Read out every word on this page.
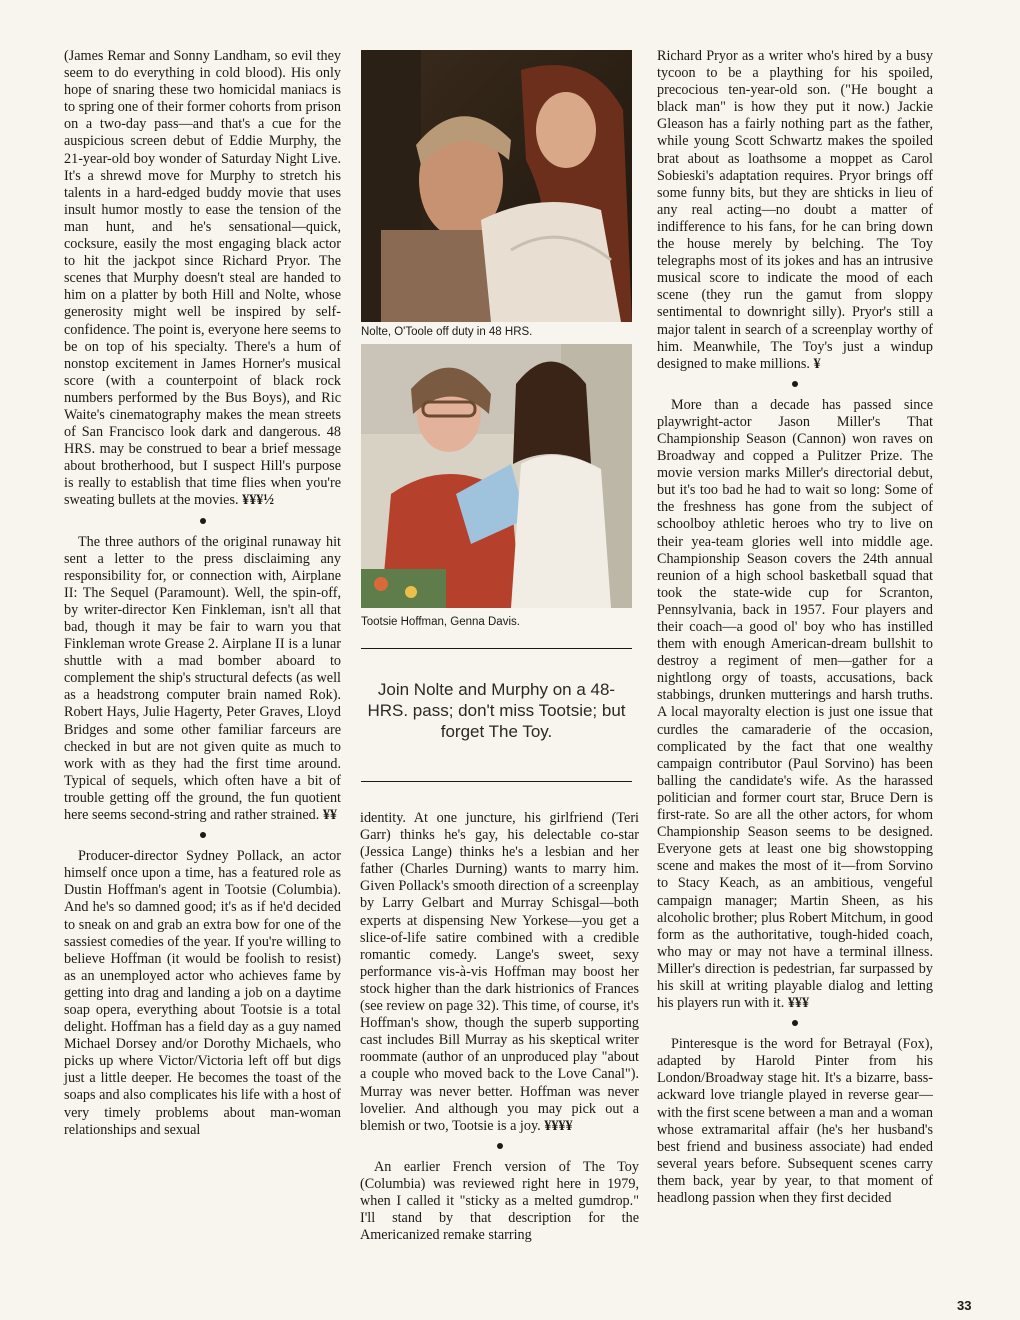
(James Remar and Sonny Landham, so evil they seem to do everything in cold blood). His only hope of snaring these two homicidal maniacs is to spring one of their former cohorts from prison on a two-day pass—and that's a cue for the auspicious screen debut of Eddie Murphy, the 21-year-old boy wonder of Saturday Night Live. It's a shrewd move for Murphy to stretch his talents in a hard-edged buddy movie that uses insult humor mostly to ease the tension of the man hunt, and he's sensational—quick, cocksure, easily the most engaging black actor to hit the jackpot since Richard Pryor. The scenes that Murphy doesn't steal are handed to him on a platter by both Hill and Nolte, whose generosity might well be inspired by self-confidence. The point is, everyone here seems to be on top of his specialty. There's a hum of nonstop excitement in James Horner's musical score (with a counterpoint of black rock numbers performed by the Bus Boys), and Ric Waite's cinematography makes the mean streets of San Francisco look dark and dangerous. 48 HRS. may be construed to bear a brief message about brotherhood, but I suspect Hill's purpose is really to establish that time flies when you're sweating bullets at the movies. ¥¥¥½

The three authors of the original runaway hit sent a letter to the press disclaiming any responsibility for, or connection with, Airplane II: The Sequel (Paramount). Well, the spin-off, by writer-director Ken Finkleman, isn't all that bad, though it may be fair to warn you that Finkleman wrote Grease 2. Airplane II is a lunar shuttle with a mad bomber aboard to complement the ship's structural defects (as well as a headstrong computer brain named Rok). Robert Hays, Julie Hagerty, Peter Graves, Lloyd Bridges and some other familiar farceurs are checked in but are not given quite as much to work with as they had the first time around. Typical of sequels, which often have a bit of trouble getting off the ground, the fun quotient here seems second-string and rather strained. ¥¥

Producer-director Sydney Pollack, an actor himself once upon a time, has a featured role as Dustin Hoffman's agent in Tootsie (Columbia). And he's so damned good; it's as if he'd decided to sneak on and grab an extra bow for one of the sassiest comedies of the year. If you're willing to believe Hoffman (it would be foolish to resist) as an unemployed actor who achieves fame by getting into drag and landing a job on a daytime soap opera, everything about Tootsie is a total delight. Hoffman has a field day as a guy named Michael Dorsey and/or Dorothy Michaels, who picks up where Victor/Victoria left off but digs just a little deeper. He becomes the toast of the soaps and also complicates his life with a host of very timely problems about man-woman relationships and sexual

Nolte, O'Toole off duty in 48 HRS.
Tootsie Hoffman, Genna Davis.
Join Nolte and Murphy on a 48-HRS. pass; don't miss Tootsie; but forget The Toy.

identity. At one juncture, his girlfriend (Teri Garr) thinks he's gay, his delectable co-star (Jessica Lange) thinks he's a lesbian and her father (Charles Durning) wants to marry him. Given Pollack's smooth direction of a screenplay by Larry Gelbart and Murray Schisgal—both experts at dispensing New Yorkese—you get a slice-of-life satire combined with a credible romantic comedy. Lange's sweet, sexy performance vis-à-vis Hoffman may boost her stock higher than the dark histrionics of Frances (see review on page 32). This time, of course, it's Hoffman's show, though the superb supporting cast includes Bill Murray as his skeptical writer roommate (author of an unproduced play "about a couple who moved back to the Love Canal"). Murray was never better. Hoffman was never lovelier. And although you may pick out a blemish or two, Tootsie is a joy. ¥¥¥¥

An earlier French version of The Toy (Columbia) was reviewed right here in 1979, when I called it "sticky as a melted gumdrop." I'll stand by that description for the Americanized remake starring

Richard Pryor as a writer who's hired by a busy tycoon to be a plaything for his spoiled, precocious ten-year-old son. ("He bought a black man" is how they put it now.) Jackie Gleason has a fairly nothing part as the father, while young Scott Schwartz makes the spoiled brat about as loathsome a moppet as Carol Sobieski's adaptation requires. Pryor brings off some funny bits, but they are shticks in lieu of any real acting—no doubt a matter of indifference to his fans, for he can bring down the house merely by belching. The Toy telegraphs most of its jokes and has an intrusive musical score to indicate the mood of each scene (they run the gamut from sloppy sentimental to downright silly). Pryor's still a major talent in search of a screenplay worthy of him. Meanwhile, The Toy's just a windup designed to make millions. ¥

More than a decade has passed since playwright-actor Jason Miller's That Championship Season (Cannon) won raves on Broadway and copped a Pulitzer Prize. The movie version marks Miller's directorial debut, but it's too bad he had to wait so long: Some of the freshness has gone from the subject of schoolboy athletic heroes who try to live on their yea-team glories well into middle age. Championship Season covers the 24th annual reunion of a high school basketball squad that took the state-wide cup for Scranton, Pennsylvania, back in 1957. Four players and their coach—a good ol' boy who has instilled them with enough American-dream bullshit to destroy a regiment of men—gather for a nightlong orgy of toasts, accusations, back stabbings, drunken mutterings and harsh truths. A local mayoralty election is just one issue that curdles the camaraderie of the occasion, complicated by the fact that one wealthy campaign contributor (Paul Sorvino) has been balling the candidate's wife. As the harassed politician and former court star, Bruce Dern is first-rate. So are all the other actors, for whom Championship Season seems to be designed. Everyone gets at least one big showstopping scene and makes the most of it—from Sorvino to Stacy Keach, as an ambitious, vengeful campaign manager; Martin Sheen, as his alcoholic brother; plus Robert Mitchum, in good form as the authoritative, tough-hided coach, who may or may not have a terminal illness. Miller's direction is pedestrian, far surpassed by his skill at writing playable dialog and letting his players run with it. ¥¥¥

Pinteresque is the word for Betrayal (Fox), adapted by Harold Pinter from his London/Broadway stage hit. It's a bizarre, bass-ackward love triangle played in reverse gear—with the first scene between a man and a woman whose extramarital affair (he's her husband's best friend and business associate) had ended several years before. Subsequent scenes carry them back, year by year, to that moment of headlong passion when they first decided

33
